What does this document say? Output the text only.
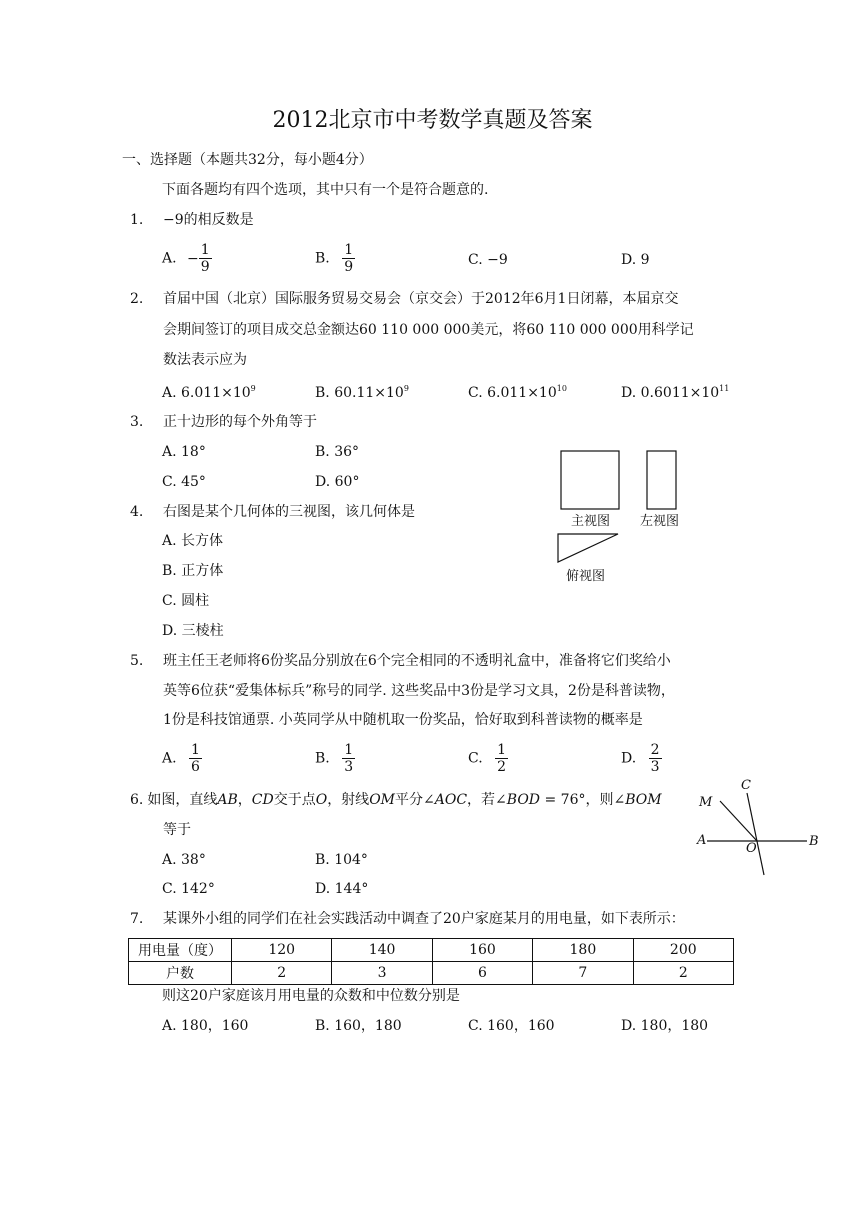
2012北京市中考数学真题及答案
一、选择题（本题共32分，每小题4分）
下面各题均有四个选项，其中只有一个是符合题意的.
1. −9的相反数是
A. − $\frac{1}{9}$	B. $\frac{1}{9}$	C. −9	D. 9
2. 首届中国（北京）国际服务贸易交易会（京交会）于2012年6月1日闭幕，本届京交
会期间签订的项目成交总金额达60 110 000 000美元，将60 110 000 000用科学记
数法表示应为
A. $6.011\times 10^9$	B. $60.11\times 10^9$	C. $6.011\times 10^{10}$	D. $0.6011\times 10^{11}$
3. 正十边形的每个外角等于
A. 18°	B. 36°
C. 45°	D. 60°
4. 右图是某个几何体的三视图，该几何体是
A. 长方体
B. 正方体
C. 圆柱
D. 三棱柱
主视图 左视图
俯视图
5. 班主任王老师将6份奖品分别放在6个完全相同的不透明礼盒中，准备将它们奖给小
英等6位获“爱集体标兵”称号的同学. 这些奖品中3份是学习文具，2份是科普读物，
1份是科技馆通票. 小英同学从中随机取一份奖品，恰好取到科普读物的概率是
A. $\frac{1}{6}$	B. $\frac{1}{3}$	C. $\frac{1}{2}$	D. $\frac{2}{3}$
6. 如图，直线AB，CD交于点O，射线OM平分∠AOC，若∠BOD = 76°，则∠BOM
等于
A. 38°	B. 104°
C. 142°	D. 144°
C
M
A
O	B
7. 某课外小组的同学们在社会实践活动中调查了20户家庭某月的用电量，如下表所示：
用电量（度）	120	140	160	180	200
户数	2	3	6	7	2
则这20户家庭该月用电量的众数和中位数分别是
A. 180，160	B. 160，180	C. 160，160	D. 180，180
